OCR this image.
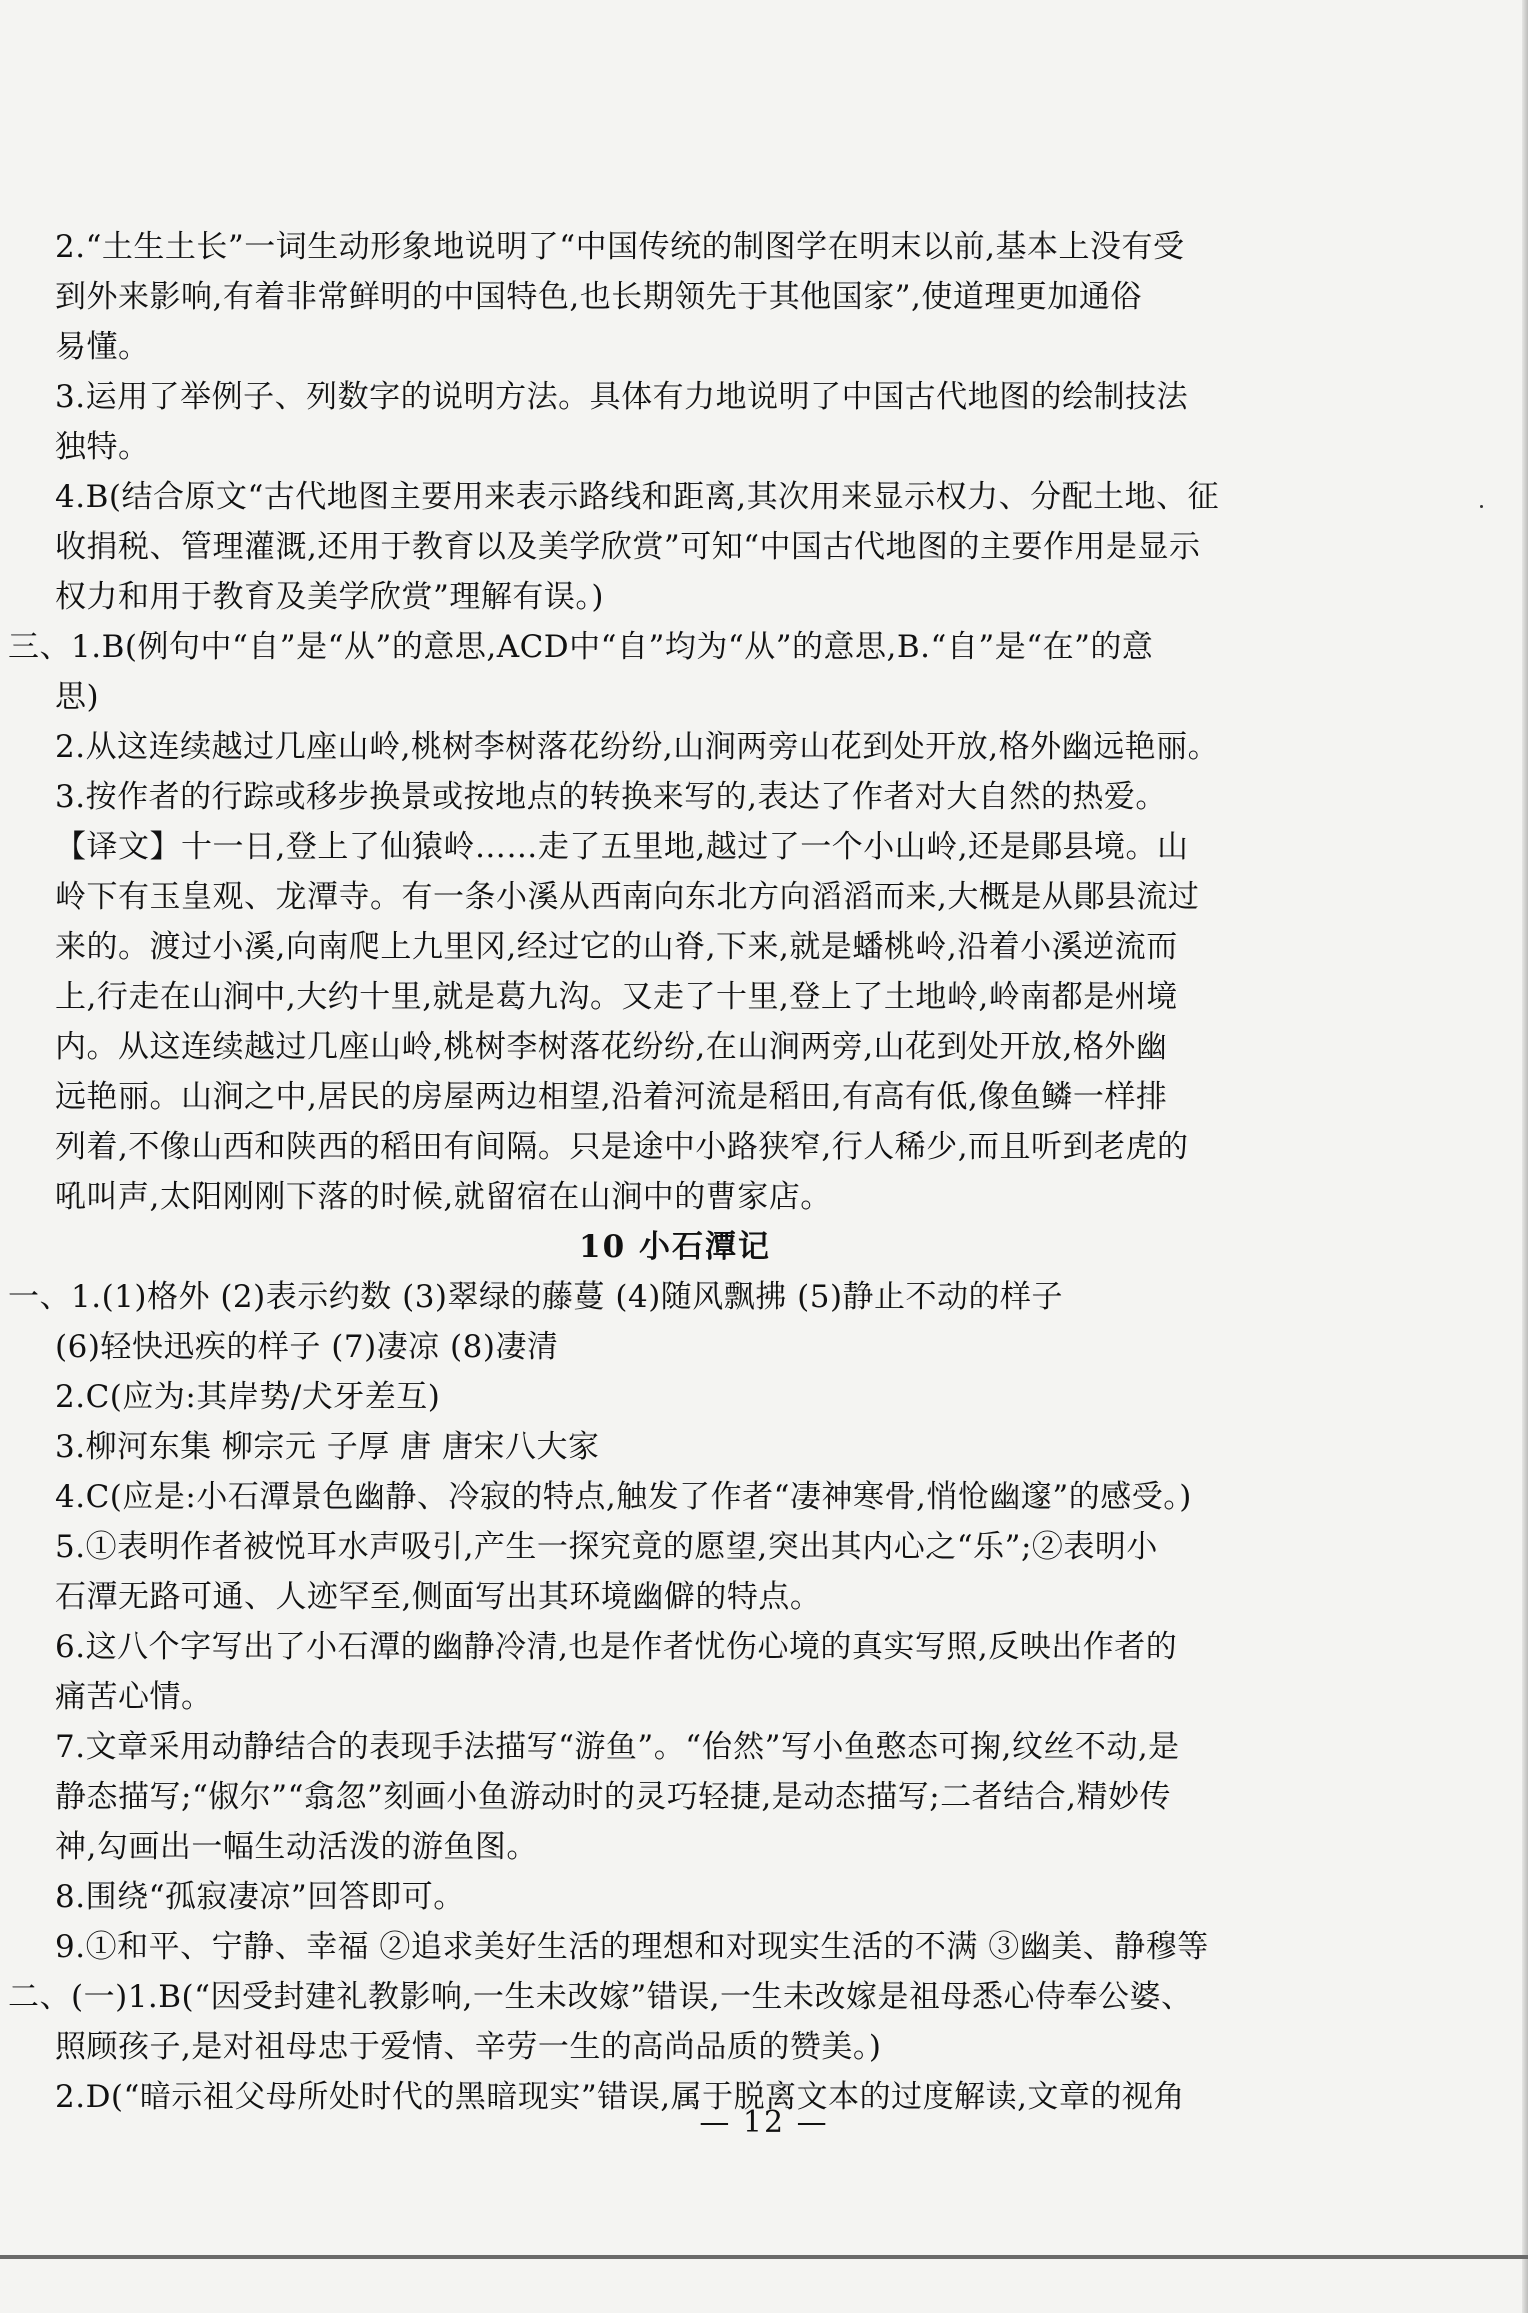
2.“土生土长”一词生动形象地说明了“中国传统的制图学在明末以前,基本上没有受
到外来影响,有着非常鲜明的中国特色,也长期领先于其他国家”,使道理更加通俗
易懂。
3.运用了举例子、列数字的说明方法。具体有力地说明了中国古代地图的绘制技法
独特。
4.B(结合原文“古代地图主要用来表示路线和距离,其次用来显示权力、分配土地、征
收捐税、管理灌溉,还用于教育以及美学欣赏”可知“中国古代地图的主要作用是显示
权力和用于教育及美学欣赏”理解有误。)
三、1.B(例句中“自”是“从”的意思,ACD中“自”均为“从”的意思,B.“自”是“在”的意
思)
2.从这连续越过几座山岭,桃树李树落花纷纷,山涧两旁山花到处开放,格外幽远艳丽。
3.按作者的行踪或移步换景或按地点的转换来写的,表达了作者对大自然的热爱。
【译文】十一日,登上了仙猿岭……走了五里地,越过了一个小山岭,还是鄖县境。山
岭下有玉皇观、龙潭寺。有一条小溪从西南向东北方向滔滔而来,大概是从鄖县流过
来的。渡过小溪,向南爬上九里冈,经过它的山脊,下来,就是蟠桃岭,沿着小溪逆流而
上,行走在山涧中,大约十里,就是葛九沟。又走了十里,登上了土地岭,岭南都是州境
内。从这连续越过几座山岭,桃树李树落花纷纷,在山涧两旁,山花到处开放,格外幽
远艳丽。山涧之中,居民的房屋两边相望,沿着河流是稻田,有高有低,像鱼鳞一样排
列着,不像山西和陕西的稻田有间隔。只是途中小路狭窄,行人稀少,而且听到老虎的
吼叫声,太阳刚刚下落的时候,就留宿在山涧中的曹家店。
10 小石潭记
一、1.(1)格外 (2)表示约数 (3)翠绿的藤蔓 (4)随风飘拂 (5)静止不动的样子
(6)轻快迅疾的样子 (7)凄凉 (8)凄清
2.C(应为:其岸势/犬牙差互)
3.柳河东集 柳宗元 子厚 唐 唐宋八大家
4.C(应是:小石潭景色幽静、冷寂的特点,触发了作者“凄神寒骨,悄怆幽邃”的感受。)
5.①表明作者被悦耳水声吸引,产生一探究竟的愿望,突出其内心之“乐”;②表明小
石潭无路可通、人迹罕至,侧面写出其环境幽僻的特点。
6.这八个字写出了小石潭的幽静冷清,也是作者忧伤心境的真实写照,反映出作者的
痛苦心情。
7.文章采用动静结合的表现手法描写“游鱼”。“佁然”写小鱼憨态可掬,纹丝不动,是
静态描写;“俶尔”“翕忽”刻画小鱼游动时的灵巧轻捷,是动态描写;二者结合,精妙传
神,勾画出一幅生动活泼的游鱼图。
8.围绕“孤寂凄凉”回答即可。
9.①和平、宁静、幸福 ②追求美好生活的理想和对现实生活的不满 ③幽美、静穆等
二、(一)1.B(“因受封建礼教影响,一生未改嫁”错误,一生未改嫁是祖母悉心侍奉公婆、
照顾孩子,是对祖母忠于爱情、辛劳一生的高尚品质的赞美。)
2.D(“暗示祖父母所处时代的黑暗现实”错误,属于脱离文本的过度解读,文章的视角
— 12 —
